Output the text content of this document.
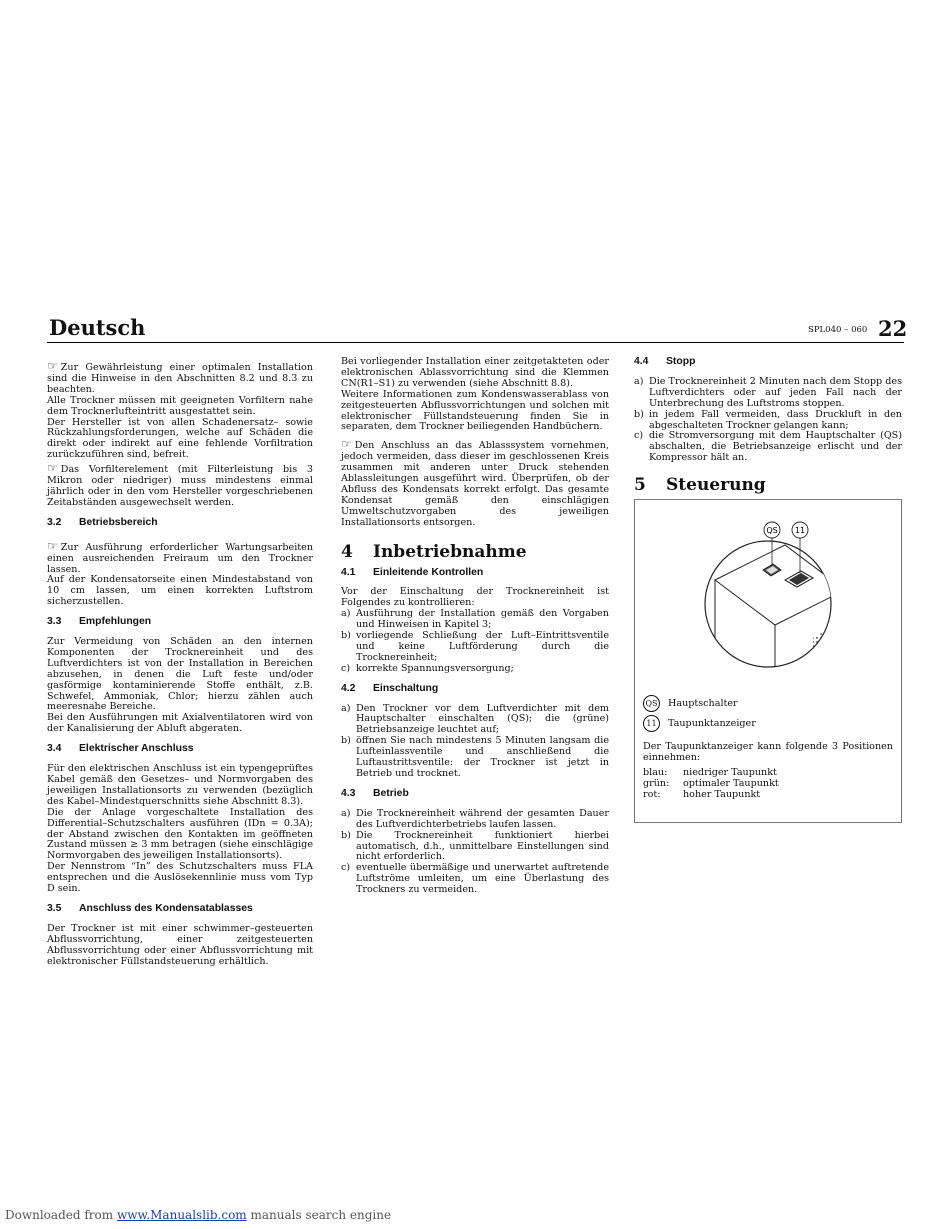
Deutsch	SPL040 – 060 22

☞ Zur Gewährleistung einer optimalen Installation sind die Hinweise in den Abschnitten 8.2 und 8.3 zu beachten.

Alle Trockner müssen mit geeigneten Vorfiltern nahe dem Trocknerlufteintritt ausgestattet sein.

Der Hersteller ist von allen Schadenersatz– sowie Rückzahlungsforderungen, welche auf Schäden die direkt oder indirekt auf eine fehlende Vorfiltration zurückzuführen sind, befreit.

☞ Das Vorfilterelement (mit Filterleistung bis 3 Mikron oder niedriger) muss mindestens einmal jährlich oder in den vom Hersteller vorgeschriebenen Zeitabständen ausgewechselt werden.

3.2 Betriebsbereich

☞ Zur Ausführung erforderlicher Wartungsarbeiten einen ausreichenden Freiraum um den Trockner lassen.

Auf der Kondensatorseite einen Mindestabstand von 10 cm lassen, um einen korrekten Luftstrom sicherzustellen.

3.3 Empfehlungen

Zur Vermeidung von Schäden an den internen Komponenten der Trocknereinheit und des Luftverdichters ist von der Installation in Bereichen abzusehen, in denen die Luft feste und/oder gasförmige kontaminierende Stoffe enthält, z.B. Schwefel, Ammoniak, Chlor; hierzu zählen auch meeresnahe Bereiche.

Bei den Ausführungen mit Axialventilatoren wird von der Kanalisierung der Abluft abgeraten.

3.4 Elektrischer Anschluss

Für den elektrischen Anschluss ist ein typengeprüftes Kabel gemäß den Gesetzes– und Normvorgaben des jeweiligen Installationsorts zu verwenden (bezüglich des Kabel–Mindestquerschnitts siehe Abschnitt 8.3).

Die der Anlage vorgeschaltete Installation des Differential–Schutzschalters ausführen (IDn = 0.3A); der Abstand zwischen den Kontakten im geöffneten Zustand müssen ≥ 3 mm betragen (siehe einschlägige Normvorgaben des jeweiligen Installationsorts).

Der Nennstrom “In” des Schutzschalters muss FLA entsprechen und die Auslösekennlinie muss vom Typ D sein.

3.5 Anschluss des Kondensatablasses

Der Trockner ist mit einer schwimmer–gesteuerten Abflussvorrichtung, einer zeitgesteuerten Abflussvorrichtung oder einer Abflussvorrichtung mit elektronischer Füllstandsteuerung erhältlich.

Bei vorliegender Installation einer zeitgetakteten oder elektronischen Ablassvorrichtung sind die Klemmen CN(R1–S1) zu verwenden (siehe Abschnitt 8.8).

Weitere Informationen zum Kondenswasserablass von zeitgesteuerten Abflussvorrichtungen und solchen mit elektronischer Füllstandsteuerung finden Sie in separaten, dem Trockner beiliegenden Handbüchern.

☞ Den Anschluss an das Ablasssystem vornehmen, jedoch vermeiden, dass dieser im geschlossenen Kreis zusammen mit anderen unter Druck stehenden Ablassleitungen ausgeführt wird. Überprüfen, ob der Abfluss des Kondensats korrekt erfolgt. Das gesamte Kondensat gemäß den einschlägigen Umweltschutzvorgaben des jeweiligen Installationsorts entsorgen.

4 Inbetriebnahme
4.1 Einleitende Kontrollen

Vor der Einschaltung der Trocknereinheit ist Folgendes zu kontrollieren:

a) Ausführung der Installation gemäß den Vorgaben und Hinweisen in Kapitel 3;
b) vorliegende Schließung der Luft–Eintrittsventile und keine Luftförderung durch die Trocknereinheit;
c) korrekte Spannungsversorgung;
4.2 Einschaltung
a) Den Trockner vor dem Luftverdichter mit dem Hauptschalter einschalten (QS); die (grüne) Betriebsanzeige leuchtet auf;
b) öffnen Sie nach mindestens 5 Minuten langsam die Lufteinlassventile und anschließend die Luftaustrittsventile: der Trockner ist jetzt in Betrieb und trocknet.
4.3 Betrieb
a) Die Trocknereinheit während der gesamten Dauer des Luftverdichterbetriebs laufen lassen.
b) Die Trocknereinheit funktioniert hierbei automatisch, d.h., unmittelbare Einstellungen sind nicht erforderlich.
c) eventuelle übermäßige und unerwartet auftretende Luftströme umleiten, um eine Überlastung des Trockners zu vermeiden.
4.4 Stopp
a) Die Trocknereinheit 2 Minuten nach dem Stopp des Luftverdichters oder auf jeden Fall nach der Unterbrechung des Luftstroms stoppen.
b) in jedem Fall vermeiden, dass Druckluft in den abgeschalteten Trockner gelangen kann;
c) die Stromversorgung mit dem Hauptschalter (QS) abschalten, die Betriebsanzeige erlischt und der Kompressor hält an.
5 Steuerung
QS 11
QS Hauptschalter
11 Taupunktanzeiger

Der Taupunktanzeiger kann folgende 3 Positionen einnehmen:

blau:	niedriger Taupunkt
grün:	optimaler Taupunkt
rot:	hoher Taupunkt
Downloaded from www.Manualslib.com manuals search engine
